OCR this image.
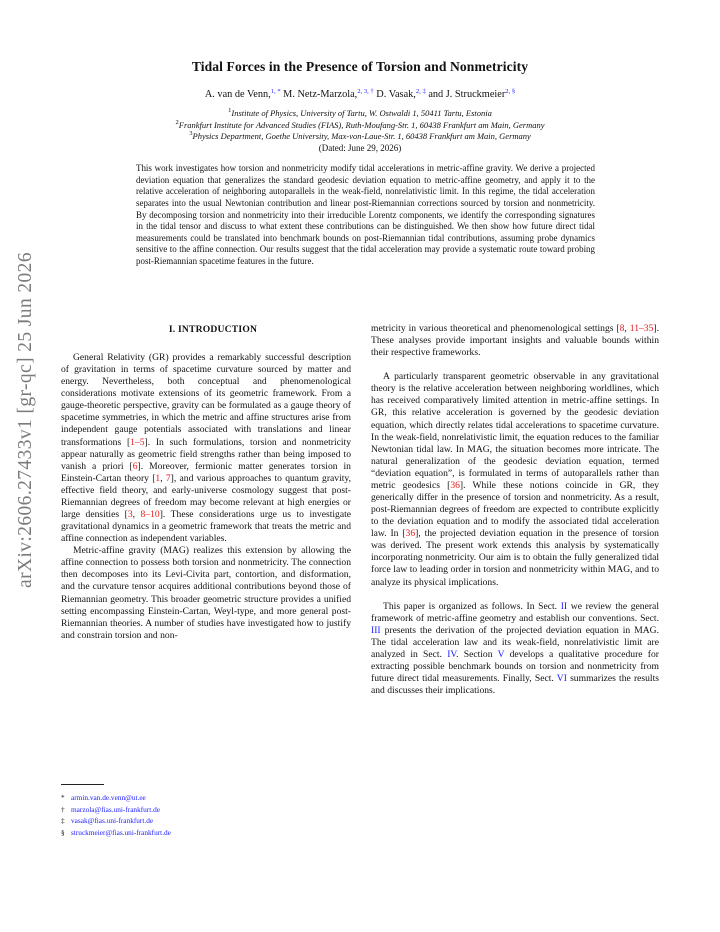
arXiv:2606.27433v1 [gr-qc] 25 Jun 2026
Tidal Forces in the Presence of Torsion and Nonmetricity
A. van de Venn,$^{1, *}$ M. Netz-Marzola,$^{2, 3, \dagger}$ D. Vasak,$^{2, \ddagger}$ and J. Struckmeier$^{2, \S}$
$^1$Institute of Physics, University of Tartu, W. Ostwaldi 1, 50411 Tartu, Estonia
$^2$Frankfurt Institute for Advanced Studies (FIAS), Ruth-Moufang-Str. 1, 60438 Frankfurt am Main, Germany
$^3$Physics Department, Goethe University, Max-von-Laue-Str. 1, 60438 Frankfurt am Main, Germany
(Dated: June 29, 2026)
This work investigates how torsion and nonmetricity modify tidal accelerations in metric-affine gravity. We derive a projected deviation equation that generalizes the standard geodesic deviation equation to metric-affine geometry, and apply it to the relative acceleration of neighboring autoparallels in the weak-field, nonrelativistic limit. In this regime, the tidal acceleration separates into the usual Newtonian contribution and linear post-Riemannian corrections sourced by torsion and nonmetricity. By decomposing torsion and nonmetricity into their irreducible Lorentz components, we identify the corresponding signatures in the tidal tensor and discuss to what extent these contributions can be distinguished. We then show how future direct tidal measurements could be translated into benchmark bounds on post-Riemannian tidal contributions, assuming probe dynamics sensitive to the affine connection. Our results suggest that the tidal acceleration may provide a systematic route toward probing post-Riemannian spacetime features in the future.
I. INTRODUCTION

General Relativity (GR) provides a remarkably successful description of gravitation in terms of spacetime curvature sourced by matter and energy. Nevertheless, both conceptual and phenomenological considerations motivate extensions of its geometric framework. From a gauge-theoretic perspective, gravity can be formulated as a gauge theory of spacetime symmetries, in which the metric and affine structures arise from independent gauge potentials associated with translations and linear transformations [1–5]. In such formulations, torsion and nonmetricity appear naturally as geometric field strengths rather than being imposed to vanish a priori [6]. Moreover, fermionic matter generates torsion in Einstein-Cartan theory [1, 7], and various approaches to quantum gravity, effective field theory, and early-universe cosmology suggest that post-Riemannian degrees of freedom may become relevant at high energies or large densities [3, 8–10]. These considerations urge us to investigate gravitational dynamics in a geometric framework that treats the metric and affine connection as independent variables.

Metric-affine gravity (MAG) realizes this extension by allowing the affine connection to possess both torsion and nonmetricity. The connection then decomposes into its Levi-Civita part, contortion, and disformation, and the curvature tensor acquires additional contributions beyond those of Riemannian geometry. This broader geometric structure provides a unified setting encompassing Einstein-Cartan, Weyl-type, and more general post-Riemannian theories. A number of studies have investigated how to justify and constrain torsion and non-

metricity in various theoretical and phenomenological settings [8, 11–35]. These analyses provide important insights and valuable bounds within their respective frameworks.

A particularly transparent geometric observable in any gravitational theory is the relative acceleration between neighboring worldlines, which has received comparatively limited attention in metric-affine settings. In GR, this relative acceleration is governed by the geodesic deviation equation, which directly relates tidal accelerations to spacetime curvature. In the weak-field, nonrelativistic limit, the equation reduces to the familiar Newtonian tidal law. In MAG, the situation becomes more intricate. The natural generalization of the geodesic deviation equation, termed “deviation equation”, is formulated in terms of autoparallels rather than metric geodesics [36]. While these notions coincide in GR, they generically differ in the presence of torsion and nonmetricity. As a result, post-Riemannian degrees of freedom are expected to contribute explicitly to the deviation equation and to modify the associated tidal acceleration law. In [36], the projected deviation equation in the presence of torsion was derived. The present work extends this analysis by systematically incorporating nonmetricity. Our aim is to obtain the fully generalized tidal force law to leading order in torsion and nonmetricity within MAG, and to analyze its physical implications.

This paper is organized as follows. In Sect. II we review the general framework of metric-affine geometry and establish our conventions. Sect. III presents the derivation of the projected deviation equation in MAG. The tidal acceleration law and its weak-field, nonrelativistic limit are analyzed in Sect. IV. Section V develops a qualitative procedure for extracting possible benchmark bounds on torsion and nonmetricity from future direct tidal measurements. Finally, Sect. VI summarizes the results and discusses their implications.

* armin.van.de.venn@ut.ee
† marzola@fias.uni-frankfurt.de
‡ vasak@fias.uni-frankfurt.de
§ struckmeier@fias.uni-frankfurt.de
